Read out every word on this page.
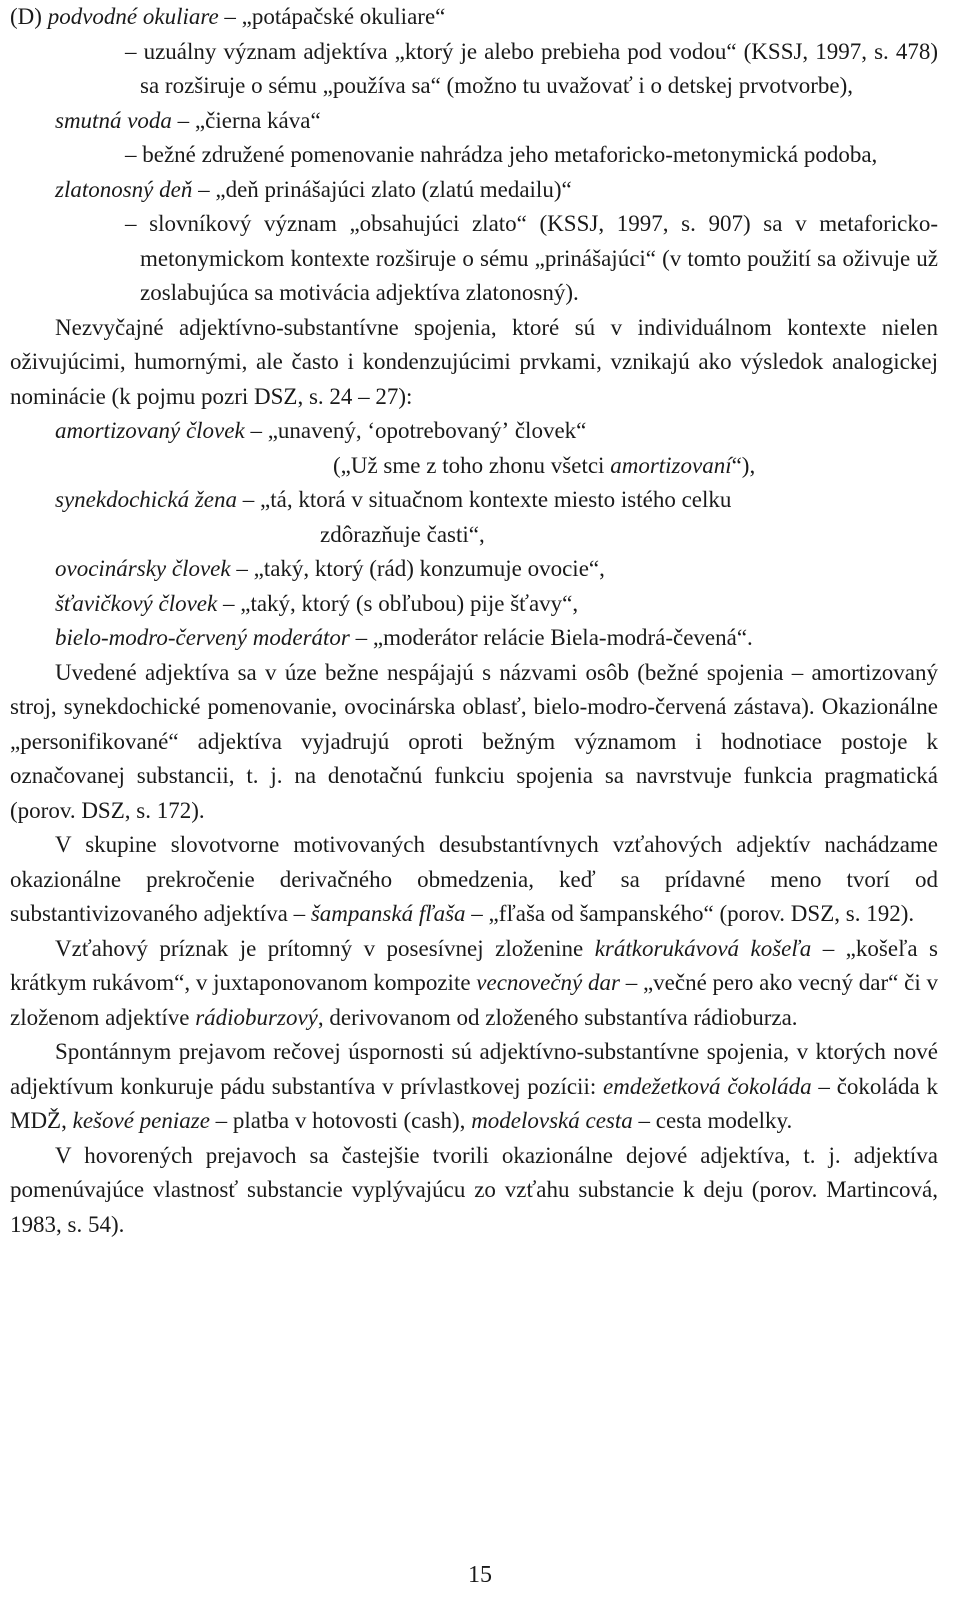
(D) podvodné okuliare – „potápačské okuliare“

– uzuálny význam adjektíva „ktorý je alebo prebieha pod vodou“ (KSSJ, 1997, s. 478) sa rozširuje o sému „používa sa“ (možno tu uvažovať i o detskej prvotvorbe),

smutná voda – „čierna káva“

– bežné združené pomenovanie nahrádza jeho metaforicko-metonymická podoba,

zlatonosný deň – „deň prinášajúci zlato (zlatú medailu)“

– slovníkový význam „obsahujúci zlato“ (KSSJ, 1997, s. 907) sa v metaforicko-metonymickom kontexte rozširuje o sému „prinášajúci“ (v tomto použití sa oživuje už zoslabujúca sa motivácia adjektíva zlatonosný).

Nezvyčajné adjektívno-substantívne spojenia, ktoré sú v individuálnom kontexte nielen oživujúcimi, humornými, ale často i kondenzujúcimi prvkami, vznikajú ako výsledok analogickej nominácie (k pojmu pozri DSZ, s. 24 – 27):

amortizovaný človek – „unavený, ʻopotrebovanýʼ človek“
(„Už sme z toho zhonu všetci amortizovaní“),
synekdochická žena – „tá, ktorá v situačnom kontexte miesto istého celku
zdôrazňuje časti“,
ovocinársky človek – „taký, ktorý (rád) konzumuje ovocie“,
šťavičkový človek – „taký, ktorý (s obľubou) pije šťavy“,
bielo-modro-červený moderátor – „moderátor relácie Biela-modrá-čevená“.

Uvedené adjektíva sa v úze bežne nespájajú s názvami osôb (bežné spojenia – amortizovaný stroj, synekdochické pomenovanie, ovocinárska oblasť, bielo-modro-červená zástava). Okazionálne „personifikované“ adjektíva vyjadrujú oproti bežným významom i hodnotiace postoje k označovanej substancii, t. j. na denotačnú funkciu spojenia sa navrstvuje funkcia pragmatická (porov. DSZ, s. 172).

V skupine slovotvorne motivovaných desubstantívnych vzťahových adjektív nachádzame okazionálne prekročenie derivačného obmedzenia, keď sa prídavné meno tvorí od substantivizovaného adjektíva – šampanská fľaša – „fľaša od šampanského“ (porov. DSZ, s. 192).

Vzťahový príznak je prítomný v posesívnej zloženine krátkorukávová košeľa – „košeľa s krátkym rukávom“, v juxtaponovanom kompozite vecnovečný dar – „večné pero ako vecný dar“ či v zloženom adjektíve rádioburzový, derivovanom od zloženého substantíva rádioburza.

Spontánnym prejavom rečovej úspornosti sú adjektívno-substantívne spojenia, v ktorých nové adjektívum konkuruje pádu substantíva v prívlastkovej pozícii: emdežetková čokoláda – čokoláda k MDŽ, kešové peniaze – platba v hotovosti (cash), modelovská cesta – cesta modelky.

V hovorených prejavoch sa častejšie tvorili okazionálne dejové adjektíva, t. j. adjektíva pomenúvajúce vlastnosť substancie vyplývajúcu zo vzťahu substancie k deju (porov. Martincová, 1983, s. 54).

15
